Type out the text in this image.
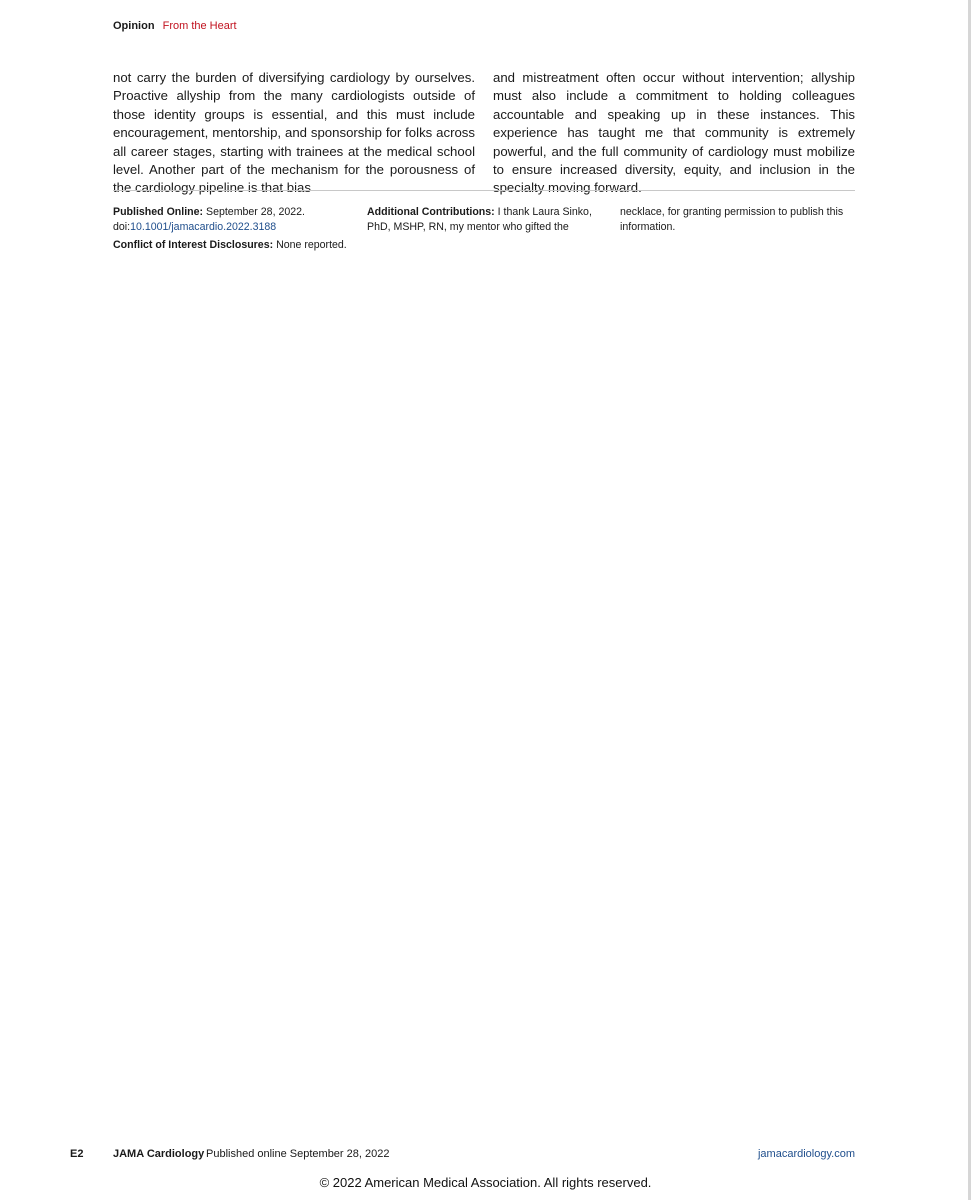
Opinion From the Heart

not carry the burden of diversifying cardiology by ourselves. Proactive allyship from the many cardiologists outside of those identity groups is essential, and this must include encouragement, mentorship, and sponsorship for folks across all career stages, starting with trainees at the medical school level. Another part of the mechanism for the porousness of the cardiology pipeline is that bias

and mistreatment often occur without intervention; allyship must also include a commitment to holding colleagues accountable and speaking up in these instances. This experience has taught me that community is extremely powerful, and the full community of cardiology must mobilize to ensure increased diversity, equity, and inclusion in the specialty moving forward.

Published Online: September 28, 2022.

doi:10.1001/jamacardio.2022.3188

Conflict of Interest Disclosures: None reported.

Additional Contributions: I thank Laura Sinko, PhD, MSHP, RN, my mentor who gifted the

necklace, for granting permission to publish this information.

E2	JAMA Cardiology Published online September 28, 2022	jamacardiology.com
© 2022 American Medical Association. All rights reserved.
